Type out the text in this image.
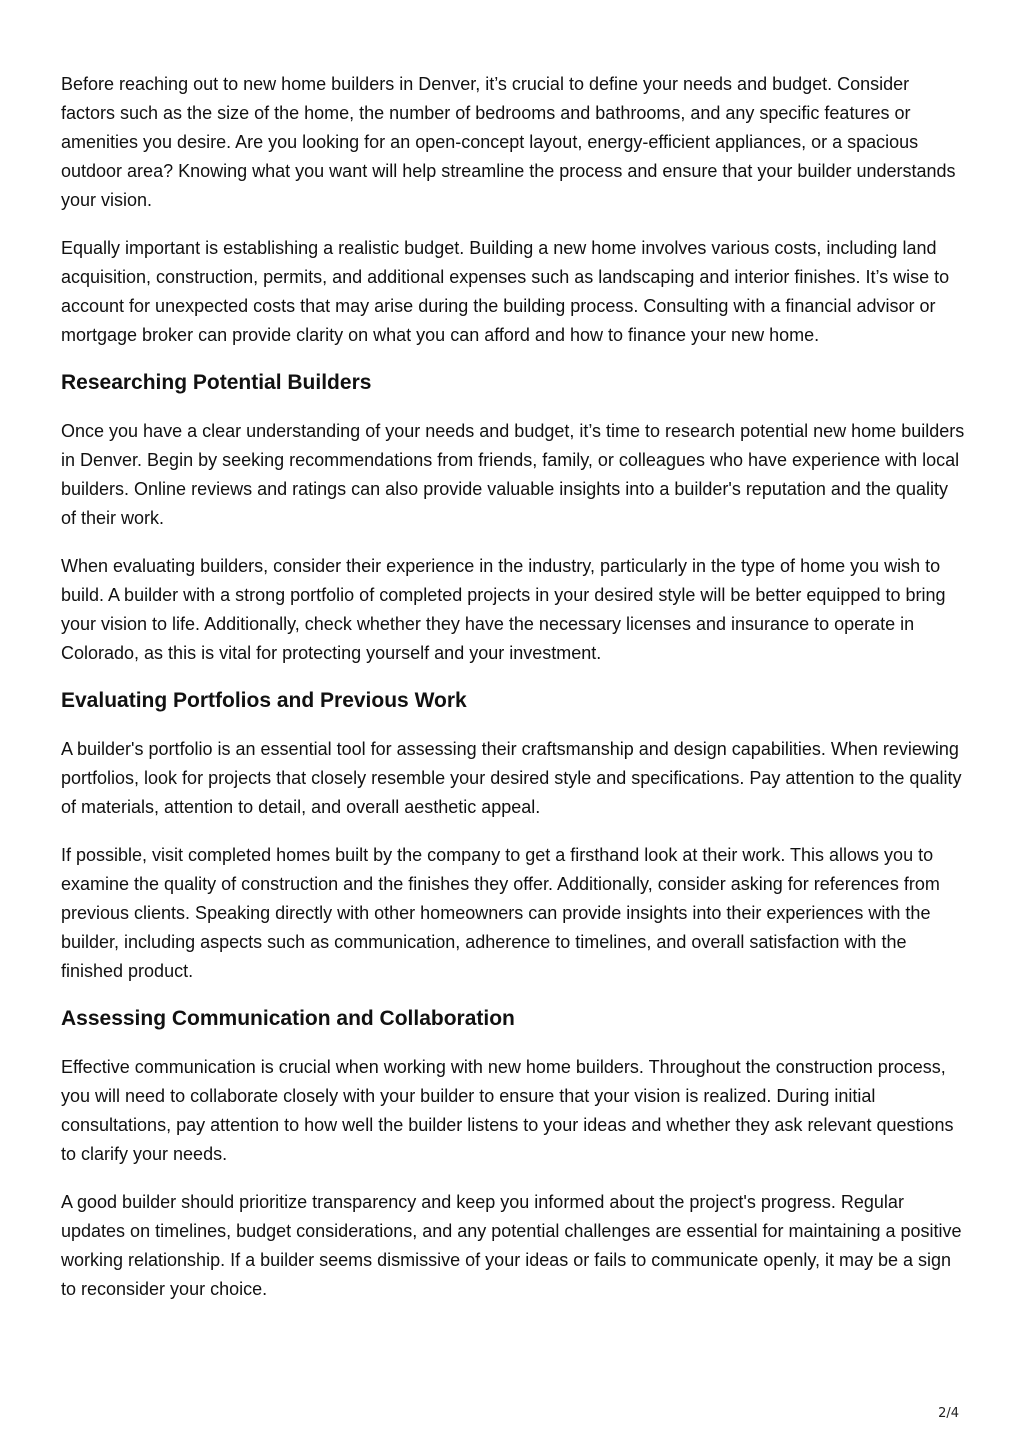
Before reaching out to new home builders in Denver, it’s crucial to define your needs and budget. Consider factors such as the size of the home, the number of bedrooms and bathrooms, and any specific features or amenities you desire. Are you looking for an open-concept layout, energy-efficient appliances, or a spacious outdoor area? Knowing what you want will help streamline the process and ensure that your builder understands your vision.

Equally important is establishing a realistic budget. Building a new home involves various costs, including land acquisition, construction, permits, and additional expenses such as landscaping and interior finishes. It’s wise to account for unexpected costs that may arise during the building process. Consulting with a financial advisor or mortgage broker can provide clarity on what you can afford and how to finance your new home.

Researching Potential Builders

Once you have a clear understanding of your needs and budget, it’s time to research potential new home builders in Denver. Begin by seeking recommendations from friends, family, or colleagues who have experience with local builders. Online reviews and ratings can also provide valuable insights into a builder's reputation and the quality of their work.

When evaluating builders, consider their experience in the industry, particularly in the type of home you wish to build. A builder with a strong portfolio of completed projects in your desired style will be better equipped to bring your vision to life. Additionally, check whether they have the necessary licenses and insurance to operate in Colorado, as this is vital for protecting yourself and your investment.

Evaluating Portfolios and Previous Work

A builder's portfolio is an essential tool for assessing their craftsmanship and design capabilities. When reviewing portfolios, look for projects that closely resemble your desired style and specifications. Pay attention to the quality of materials, attention to detail, and overall aesthetic appeal.

If possible, visit completed homes built by the company to get a firsthand look at their work. This allows you to examine the quality of construction and the finishes they offer. Additionally, consider asking for references from previous clients. Speaking directly with other homeowners can provide insights into their experiences with the builder, including aspects such as communication, adherence to timelines, and overall satisfaction with the finished product.

Assessing Communication and Collaboration

Effective communication is crucial when working with new home builders. Throughout the construction process, you will need to collaborate closely with your builder to ensure that your vision is realized. During initial consultations, pay attention to how well the builder listens to your ideas and whether they ask relevant questions to clarify your needs.

A good builder should prioritize transparency and keep you informed about the project's progress. Regular updates on timelines, budget considerations, and any potential challenges are essential for maintaining a positive working relationship. If a builder seems dismissive of your ideas or fails to communicate openly, it may be a sign to reconsider your choice.

2/4
